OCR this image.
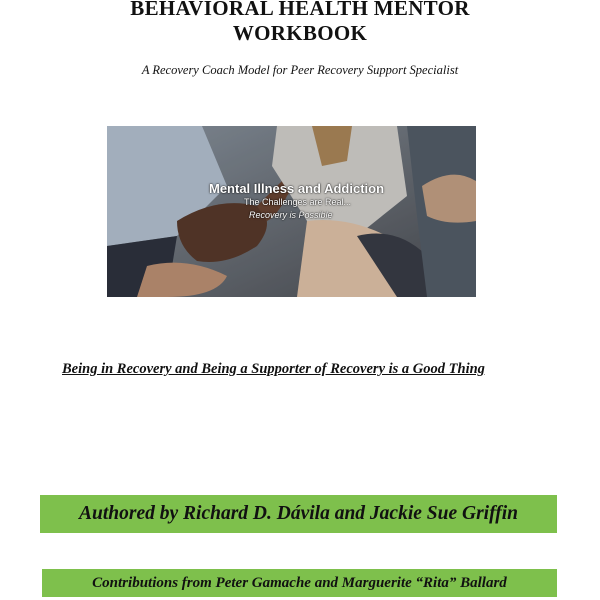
BEHAVIORAL HEALTH MENTOR
WORKBOOK
A Recovery Coach Model for Peer Recovery Support Specialist
Mental Illness and Addiction
The Challenges are Real...
Recovery is Possible
Being in Recovery and Being a Supporter of Recovery is a Good Thing
Authored by Richard D. Dávila and Jackie Sue Griffin
Contributions from Peter Gamache and Marguerite “Rita” Ballard
